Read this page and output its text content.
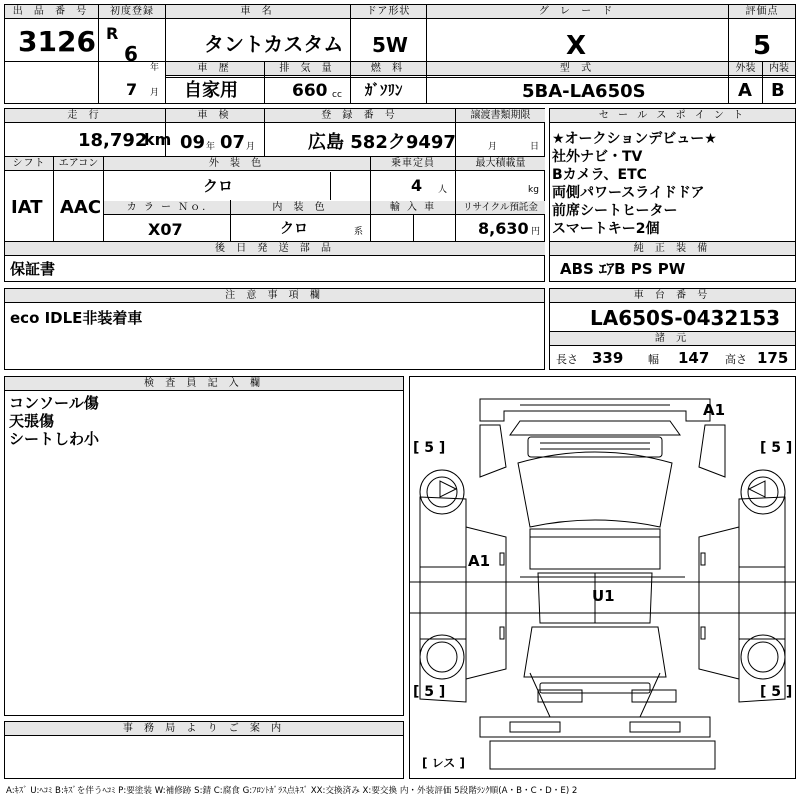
出 品 番 号
3126
初度登録
R
6
年
7 月
車 名
タントカスタム
ドア形状
5W
グ レ ー ド
X
評価点
5
車 歴
自家用
排 気 量
660 cc
燃 料
ｶﾞｿﾘﾝ
型 式
5BA-LA650S
外装
A
内装
B
走 行
18,792
km
車 検
09 年 07 月
登 録 番 号
広島 582ク9497
譲渡書類期限
月	日
シフト
IAT
エアコン
AAC
外 装 色
クロ
乗車定員
4 人
最大積載量
kg
カ ラ ー Ｎｏ.
X07
内 装 色
クロ	系
輸 入 車	リサイクル預託金
8,630 円
後 日 発 送 部 品
保証書
セ ー ル ス ポ イ ン ト
★オークションデビュー★
社外ナビ・TV
Bカメラ、ETC
両側パワースライドドア
前席シートヒーター
スマートキー2個
純 正 装 備
ABS ｴｱB PS PW
注 意 事 項 欄
eco IDLE非装着車
車 台 番 号
LA650S-0432153
諸 元
長さ 339 幅 147 高さ 175
検 査 員 記 入 欄
コンソール傷
天張傷
シートしわ小
事 務 局 よ り ご 案 内
A1
A1
U1
[ 5 ]	[ 5 ]
[ 5 ]	[ 5 ]
[ レス ]
A:ｷｽﾞ U:ﾍｺﾐ B:ｷｽﾞを伴うﾍｺﾐ P:要塗装 W:補修跡 S:錆 C:腐食 G:ﾌﾛﾝﾄｶﾞﾗｽ点ｷｽﾞ XX:交換済み X:要交換 内・外装評価 5段階ﾗﾝｸ順(A・B・C・D・E) 2
